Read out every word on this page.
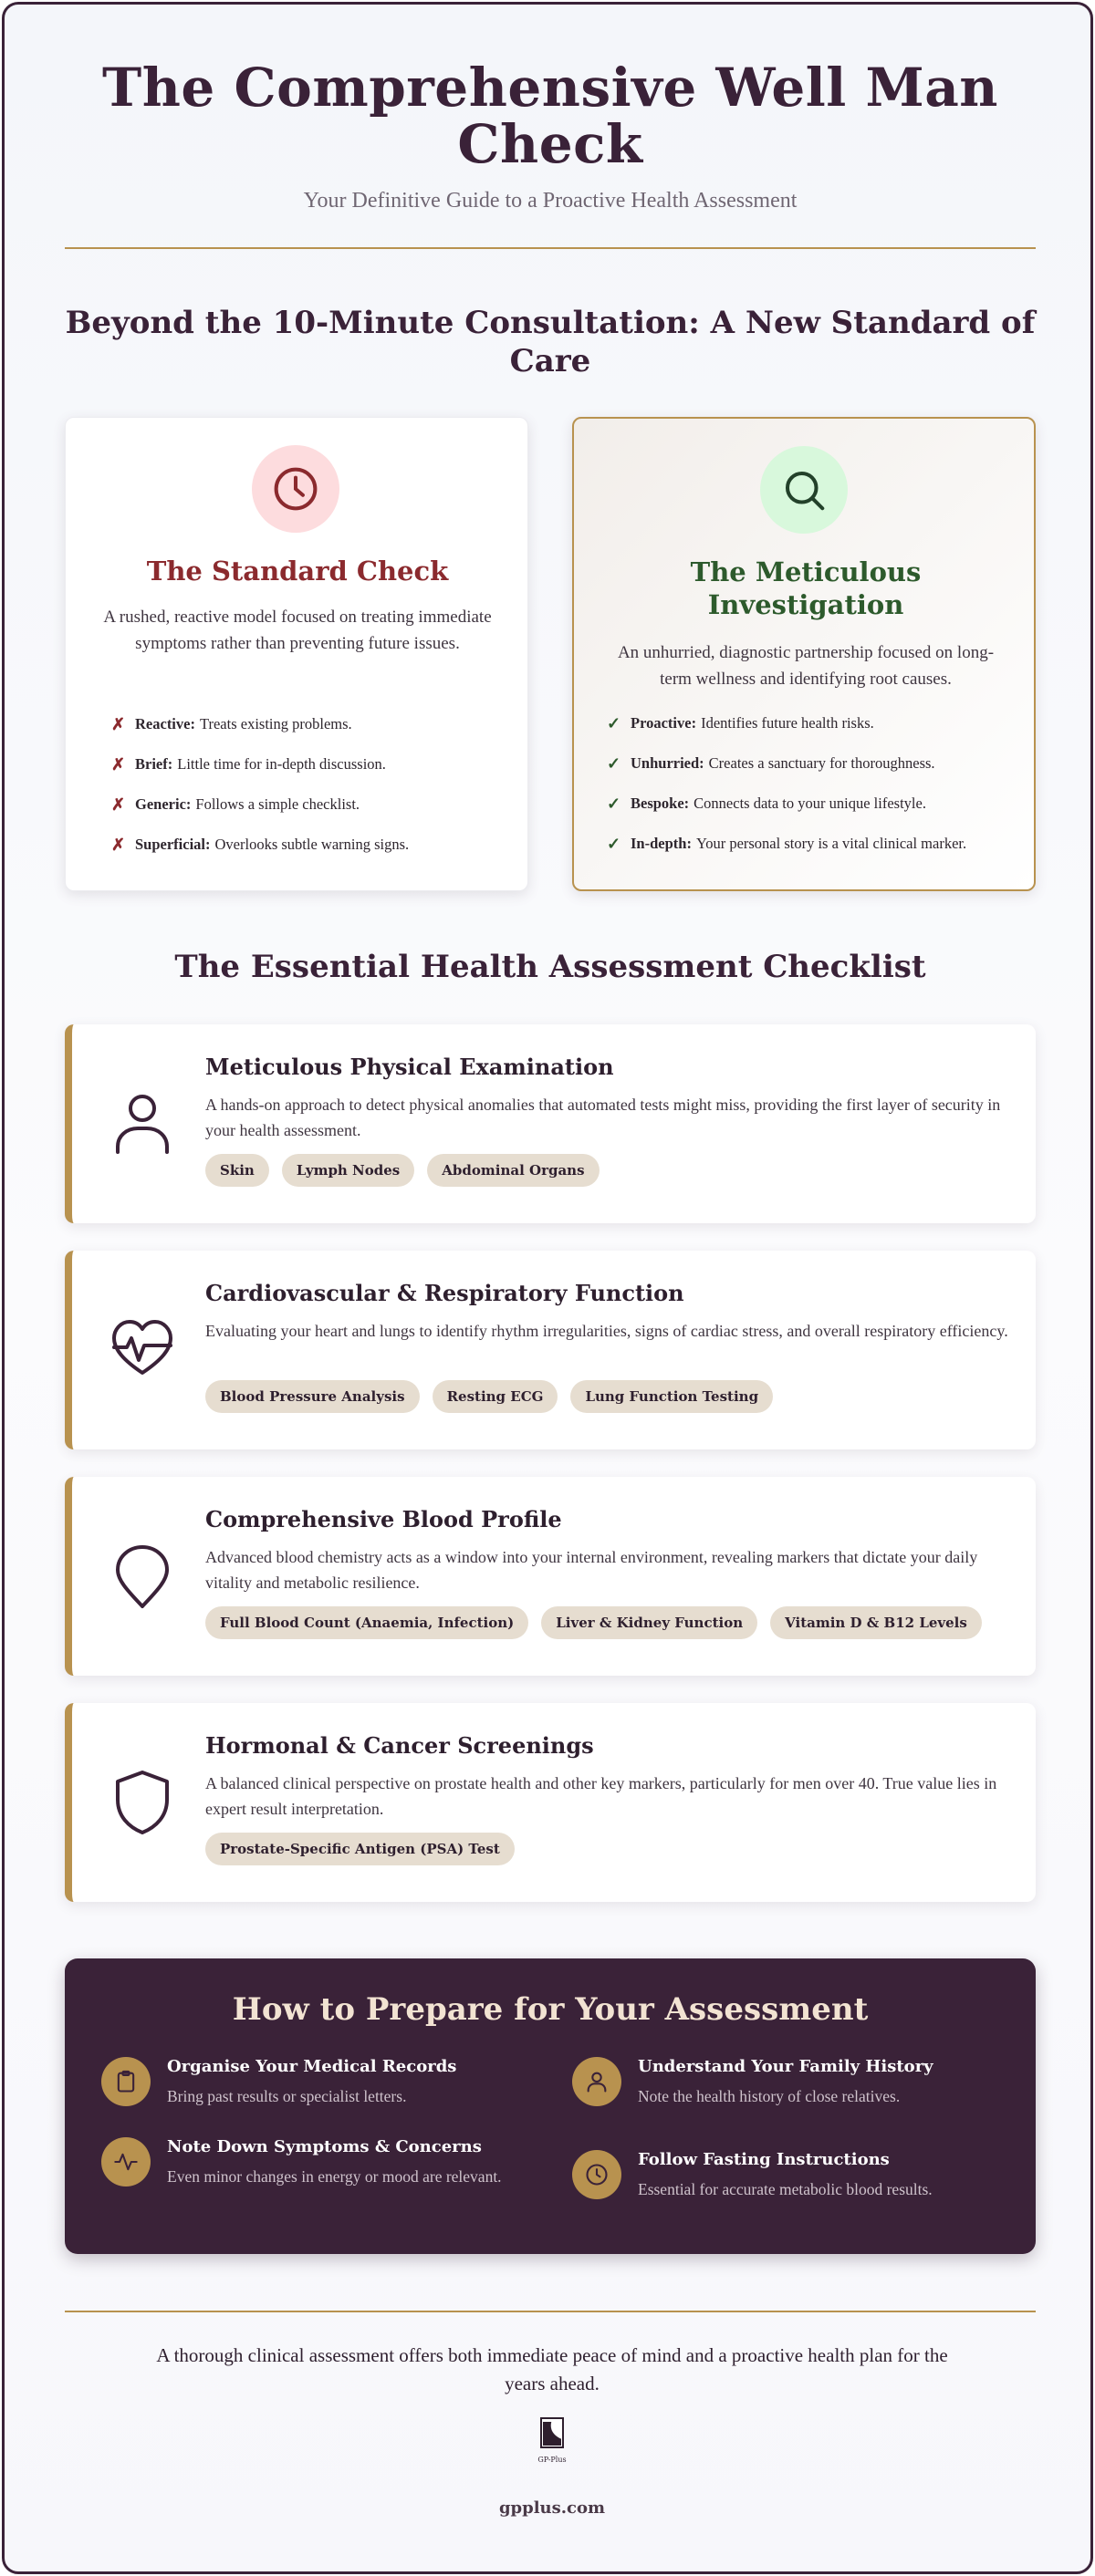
The Comprehensive Well Man Check
Your Definitive Guide to a Proactive Health Assessment
Beyond the 10-Minute Consultation: A New Standard of Care
The Standard Check
A rushed, reactive model focused on treating immediate symptoms rather than preventing future issues.
✗ Reactive: Treats existing problems.
✗ Brief: Little time for in-depth discussion.
✗ Generic: Follows a simple checklist.
✗ Superficial: Overlooks subtle warning signs.
The Meticulous Investigation
An unhurried, diagnostic partnership focused on long-term wellness and identifying root causes.
✓ Proactive: Identifies future health risks.
✓ Unhurried: Creates a sanctuary for thoroughness.
✓ Bespoke: Connects data to your unique lifestyle.
✓ In-depth: Your personal story is a vital clinical marker.
The Essential Health Assessment Checklist
Meticulous Physical Examination
A hands-on approach to detect physical anomalies that automated tests might miss, providing the first layer of security in your health assessment.
Skin	Lymph Nodes	Abdominal Organs
Cardiovascular & Respiratory Function
Evaluating your heart and lungs to identify rhythm irregularities, signs of cardiac stress, and overall respiratory efficiency.
Blood Pressure Analysis	Resting ECG	Lung Function Testing
Comprehensive Blood Profile
Advanced blood chemistry acts as a window into your internal environment, revealing markers that dictate your daily vitality and metabolic resilience.
Full Blood Count (Anaemia, Infection)	Liver & Kidney Function	Vitamin D & B12 Levels
Hormonal & Cancer Screenings
A balanced clinical perspective on prostate health and other key markers, particularly for men over 40. True value lies in expert result interpretation.
Prostate-Specific Antigen (PSA) Test
How to Prepare for Your Assessment
Organise Your Medical Records
Bring past results or specialist letters.
Understand Your Family History
Note the health history of close relatives.
Note Down Symptoms & Concerns
Even minor changes in energy or mood are relevant.
Follow Fasting Instructions
Essential for accurate metabolic blood results.
A thorough clinical assessment offers both immediate peace of mind and a proactive health plan for the years ahead.
GP-Plus
gpplus.com
